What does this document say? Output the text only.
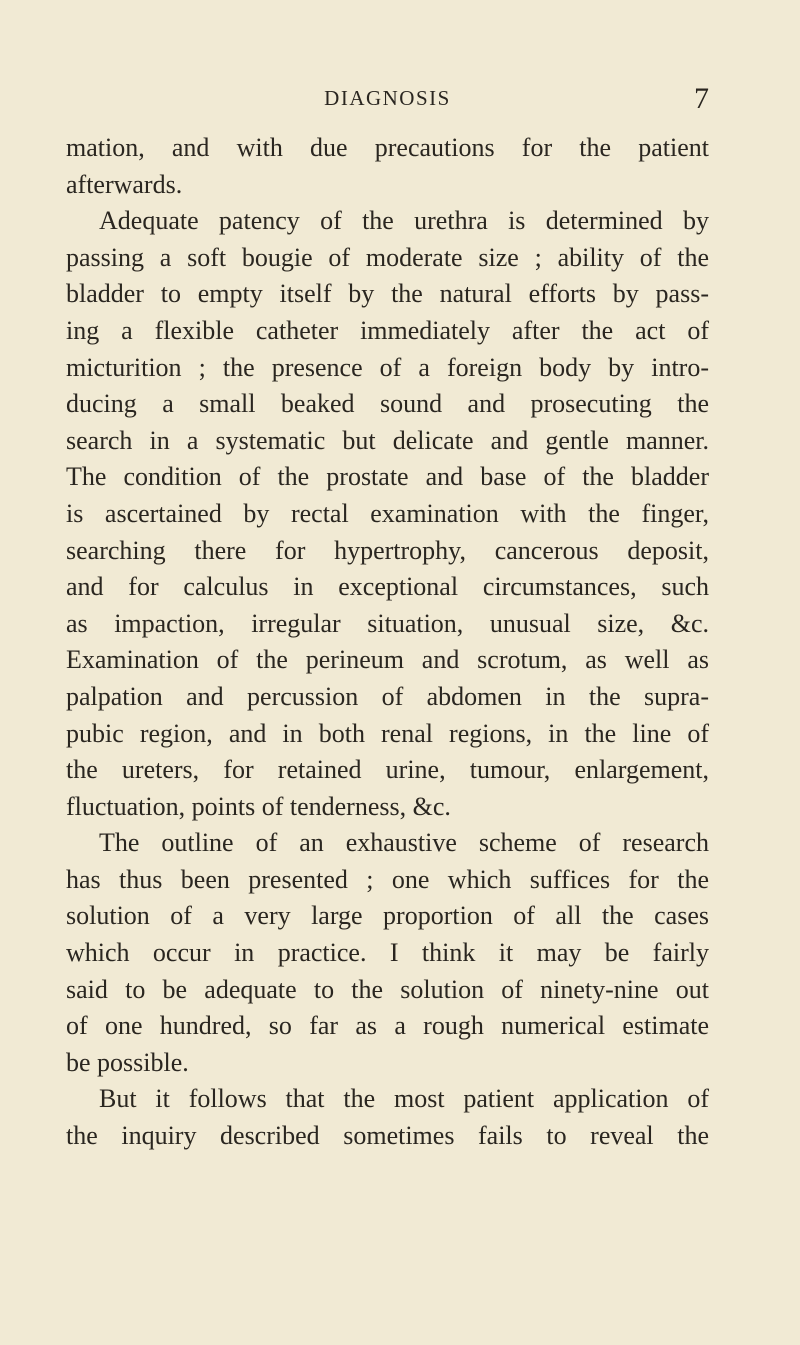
DIAGNOSIS	7
mation, and with due precautions for the patient
afterwards.
Adequate patency of the urethra is determined by
passing a soft bougie of moderate size ; ability of the
bladder to empty itself by the natural efforts by pass-
ing a flexible catheter immediately after the act of
micturition ; the presence of a foreign body by intro-
ducing a small beaked sound and prosecuting the
search in a systematic but delicate and gentle manner.
The condition of the prostate and base of the bladder
is ascertained by rectal examination with the finger,
searching there for hypertrophy, cancerous deposit,
and for calculus in exceptional circumstances, such
as impaction, irregular situation, unusual size, &c.
Examination of the perineum and scrotum, as well as
palpation and percussion of abdomen in the supra-
pubic region, and in both renal regions, in the line of
the ureters, for retained urine, tumour, enlargement,
fluctuation, points of tenderness, &c.
The outline of an exhaustive scheme of research
has thus been presented ; one which suffices for the
solution of a very large proportion of all the cases
which occur in practice. I think it may be fairly
said to be adequate to the solution of ninety-nine out
of one hundred, so far as a rough numerical estimate
be possible.
But it follows that the most patient application of
the inquiry described sometimes fails to reveal the
